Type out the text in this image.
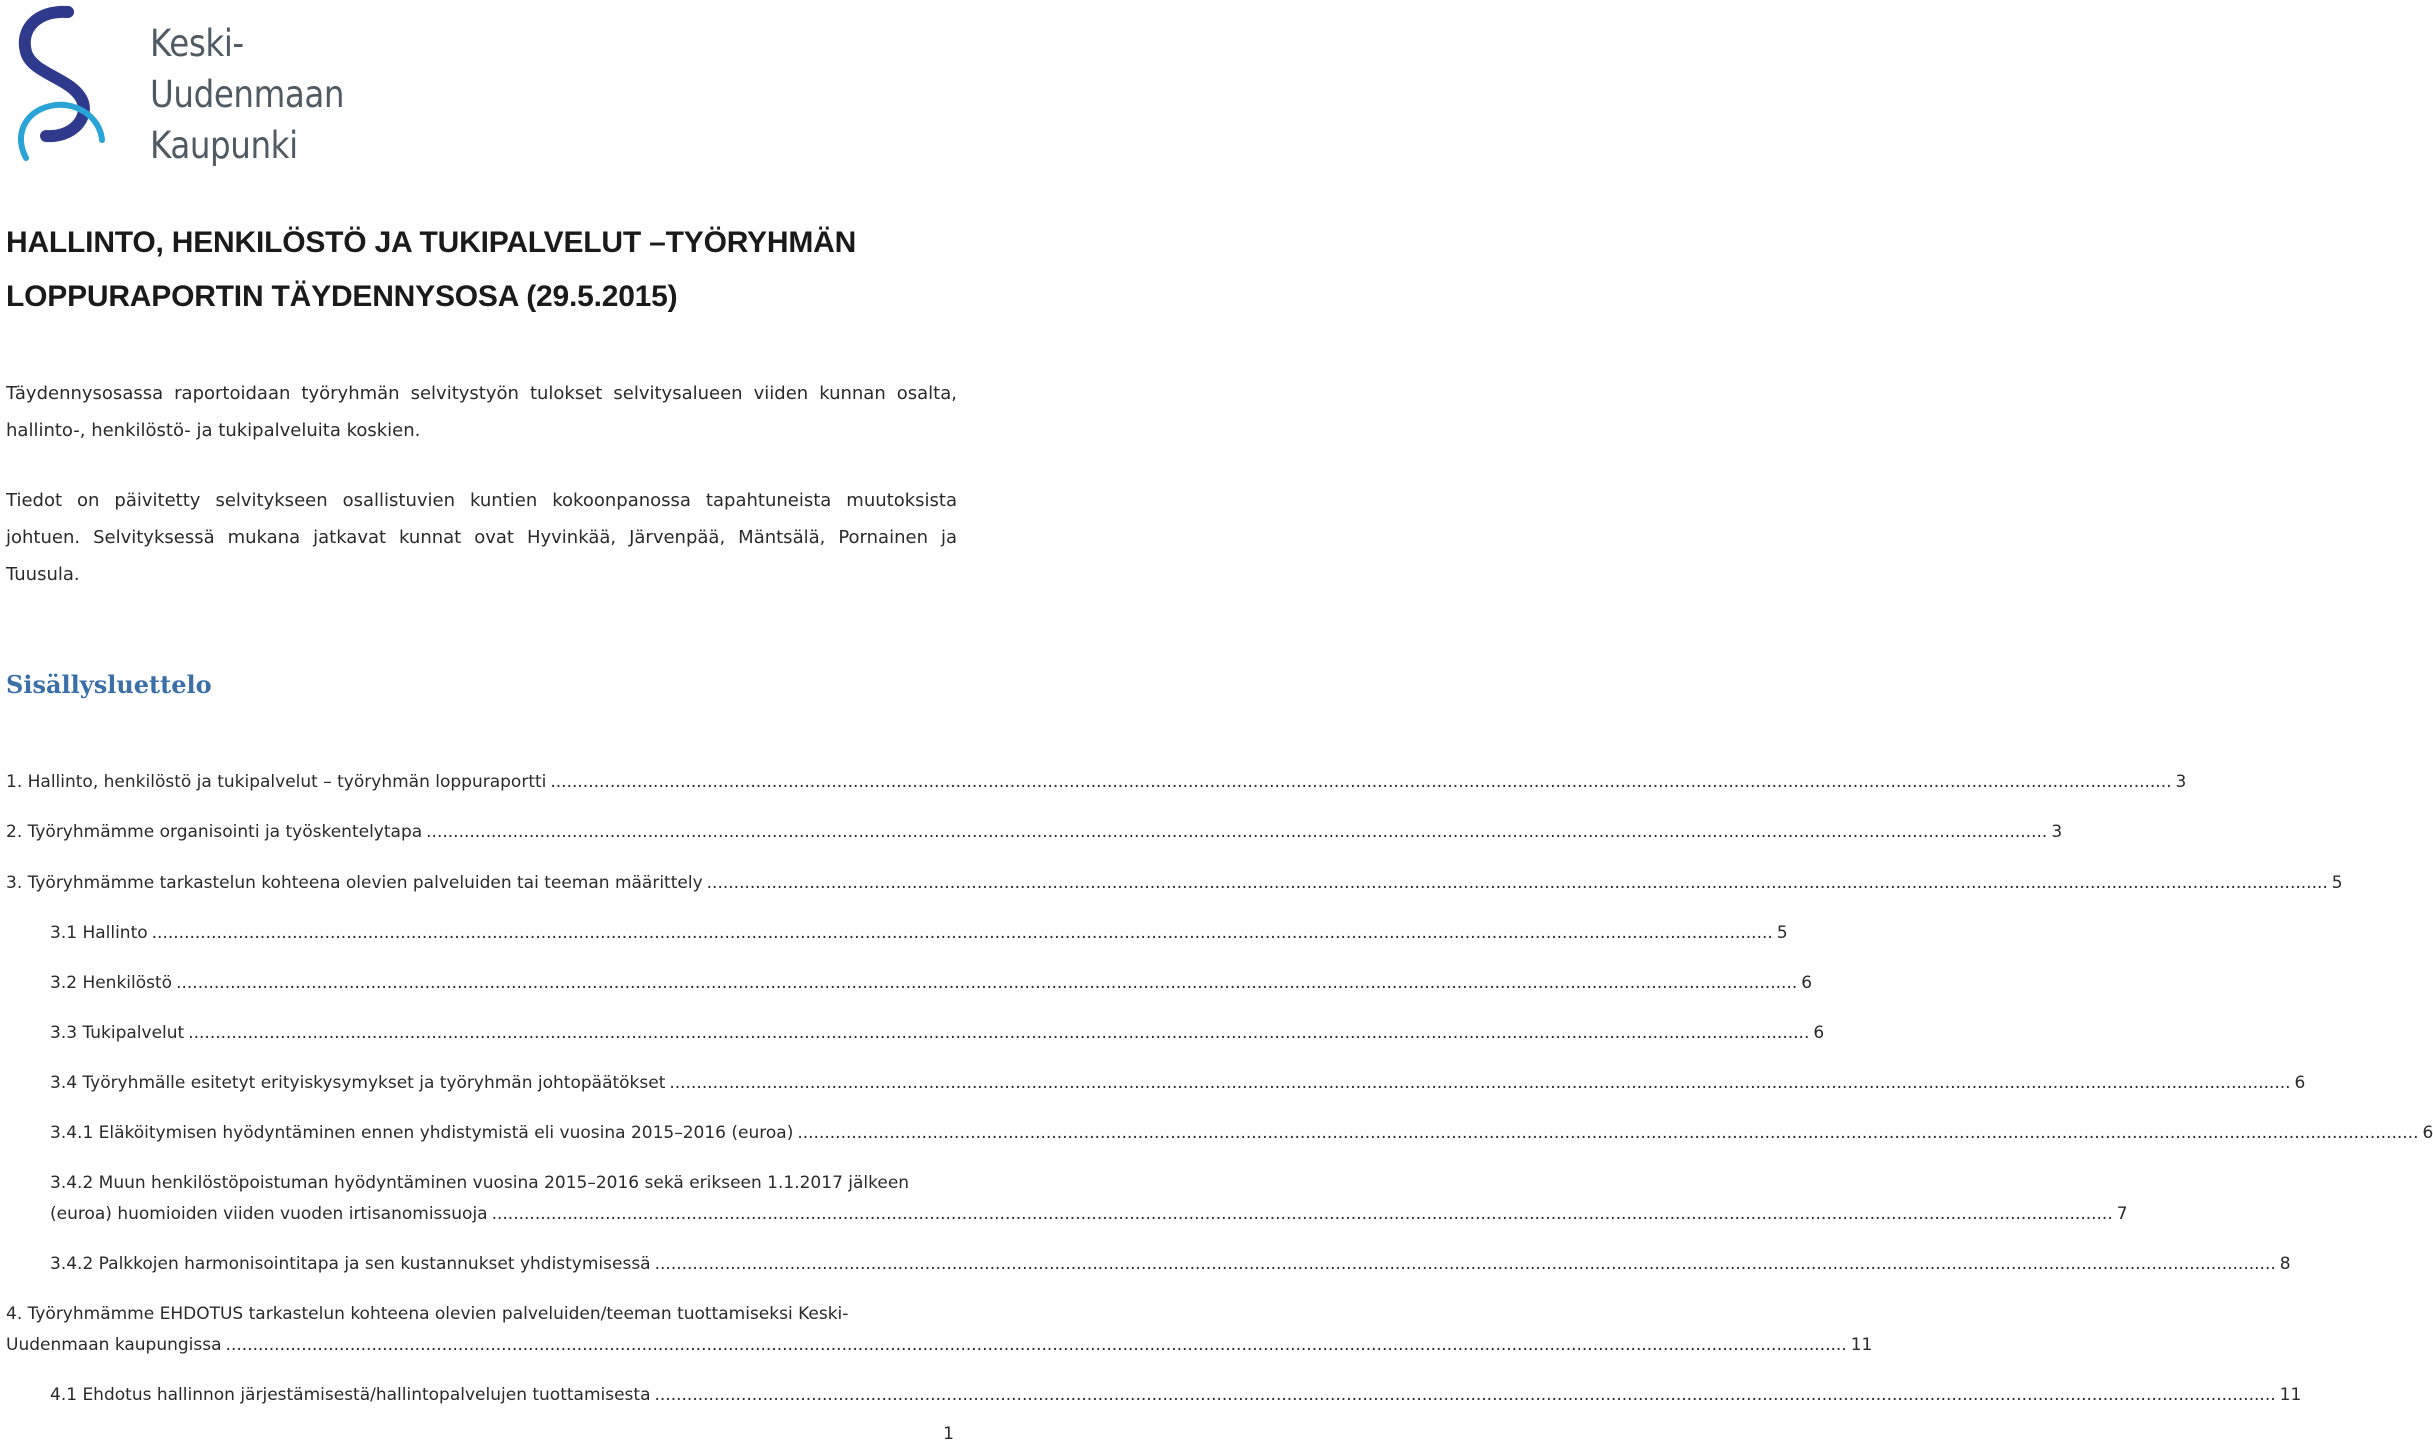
Keski-
Uudenmaan
Kaupunki
HALLINTO, HENKILÖSTÖ JA TUKIPALVELUT –TYÖRYHMÄN
LOPPURAPORTIN TÄYDENNYSOSA (29.5.2015)

Täydennysosassa raportoidaan työryhmän selvitystyön tulokset selvitysalueen viiden kunnan osalta, hallinto-, henkilöstö- ja tukipalveluita koskien.

Tiedot on päivitetty selvitykseen osallistuvien kuntien kokoonpanossa tapahtuneista muutoksista johtuen. Selvityksessä mukana jatkavat kunnat ovat Hyvinkää, Järvenpää, Mäntsälä, Pornainen ja Tuusula.

Sisällysluettelo
1. Hallinto, henkilöstö ja tukipalvelut – työryhmän loppuraportti ............................................................................................................................................................................................................................................................................................................ 3
2. Työryhmämme organisointi ja työskentelytapa ............................................................................................................................................................................................................................................................................................................ 3
3. Työryhmämme tarkastelun kohteena olevien palveluiden tai teeman määrittely ............................................................................................................................................................................................................................................................................................................ 5
3.1 Hallinto ............................................................................................................................................................................................................................................................................................................ 5
3.2 Henkilöstö ............................................................................................................................................................................................................................................................................................................ 6
3.3 Tukipalvelut ............................................................................................................................................................................................................................................................................................................ 6
3.4 Työryhmälle esitetyt erityiskysymykset ja työryhmän johtopäätökset ............................................................................................................................................................................................................................................................................................................ 6
3.4.1 Eläköitymisen hyödyntäminen ennen yhdistymistä eli vuosina 2015–2016 (euroa) ............................................................................................................................................................................................................................................................................................................ 6
3.4.2 Muun henkilöstöpoistuman hyödyntäminen vuosina 2015–2016 sekä erikseen 1.1.2017 jälkeen
(euroa) huomioiden viiden vuoden irtisanomissuoja ............................................................................................................................................................................................................................................................................................................ 7
3.4.2 Palkkojen harmonisointitapa ja sen kustannukset yhdistymisessä ............................................................................................................................................................................................................................................................................................................ 8
4. Työryhmämme EHDOTUS tarkastelun kohteena olevien palveluiden/teeman tuottamiseksi Keski-
Uudenmaan kaupungissa ............................................................................................................................................................................................................................................................................................................ 11
4.1 Ehdotus hallinnon järjestämisestä/hallintopalvelujen tuottamisesta ............................................................................................................................................................................................................................................................................................................ 11
1
